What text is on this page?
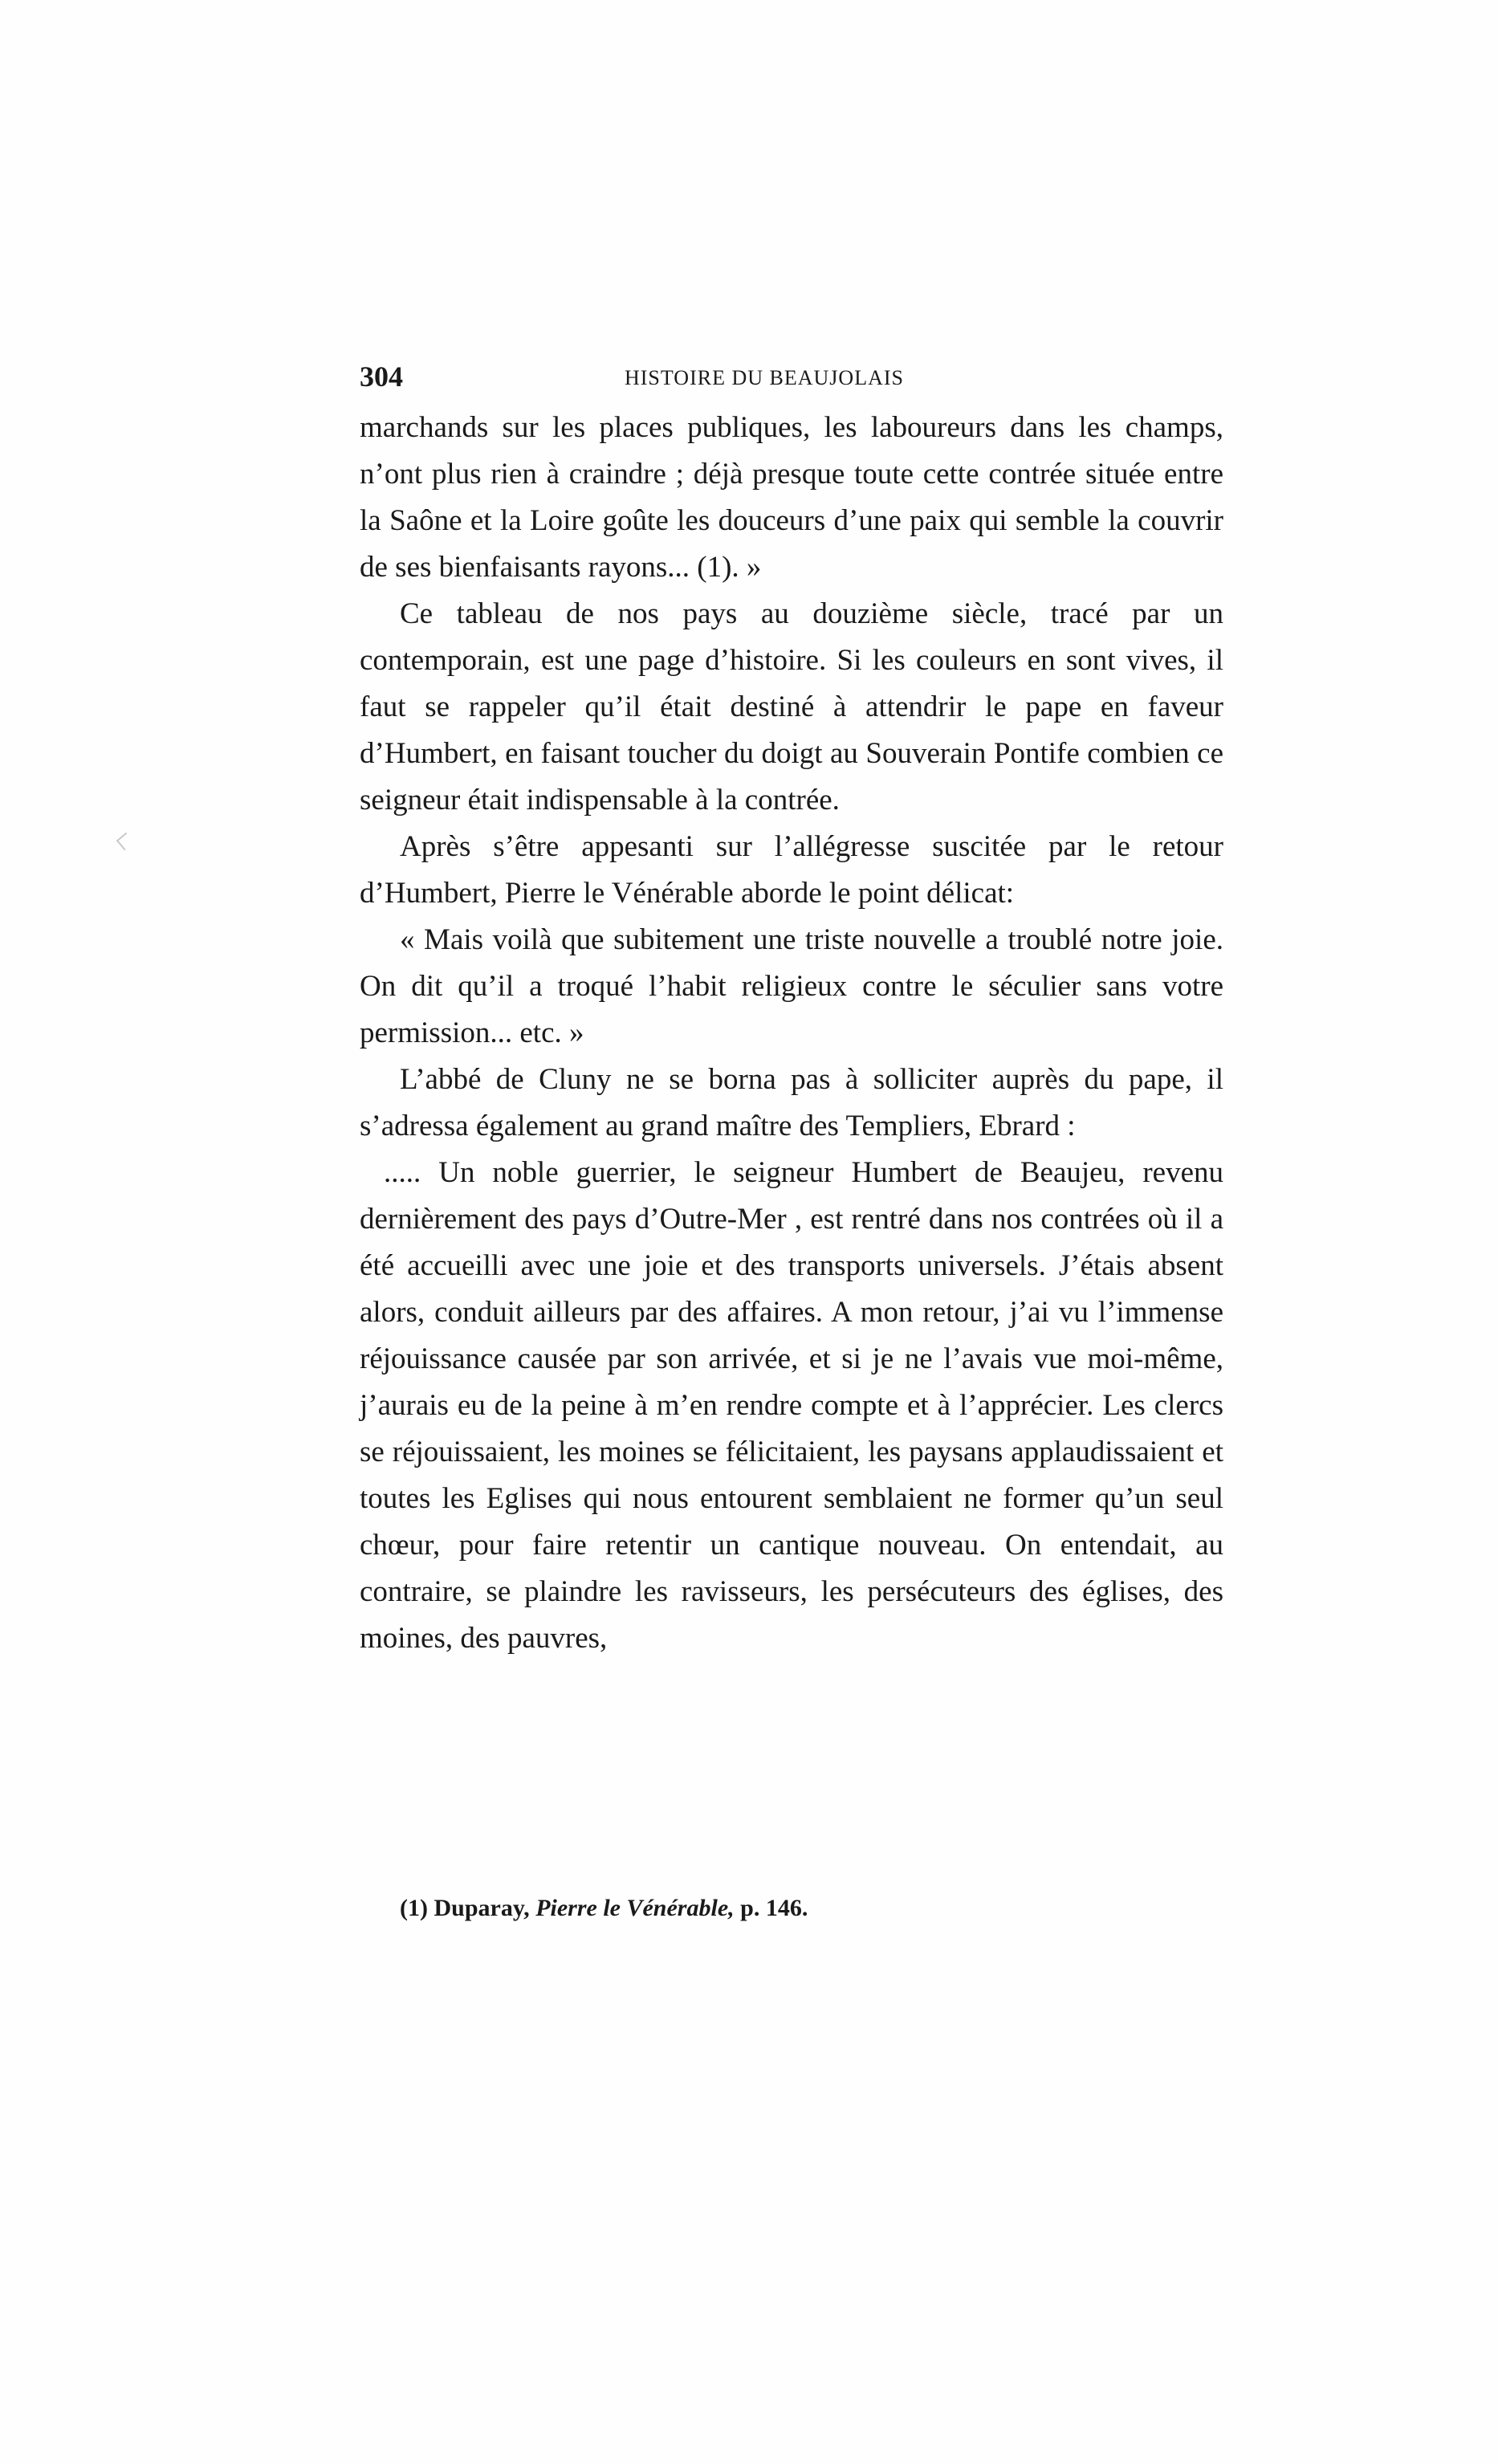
304	HISTOIRE DU BEAUJOLAIS

marchands sur les places publiques, les laboureurs dans les champs, n’ont plus rien à craindre ; déjà presque toute cette contrée située entre la Saône et la Loire goûte les douceurs d’une paix qui semble la couvrir de ses bienfaisants rayons... (1). »

Ce tableau de nos pays au douzième siècle, tracé par un contemporain, est une page d’histoire. Si les couleurs en sont vives, il faut se rappeler qu’il était destiné à attendrir le pape en faveur d’Humbert, en faisant toucher du doigt au Souverain Pontife combien ce seigneur était indispensable à la contrée.

Après s’être appesanti sur l’allégresse suscitée par le retour d’Humbert, Pierre le Vénérable aborde le point délicat:

« Mais voilà que subitement une triste nouvelle a troublé notre joie. On dit qu’il a troqué l’habit religieux contre le séculier sans votre permission... etc. »

L’abbé de Cluny ne se borna pas à solliciter auprès du pape, il s’adressa également au grand maître des Templiers, Ebrard :

..... Un noble guerrier, le seigneur Humbert de Beaujeu, revenu dernièrement des pays d’Outre-Mer , est rentré dans nos contrées où il a été accueilli avec une joie et des transports universels. J’étais absent alors, conduit ailleurs par des affaires. A mon retour, j’ai vu l’immense réjouissance causée par son arrivée, et si je ne l’avais vue moi-même, j’aurais eu de la peine à m’en rendre compte et à l’apprécier. Les clercs se réjouissaient, les moines se félicitaient, les paysans applaudissaient et toutes les Eglises qui nous entourent semblaient ne former qu’un seul chœur, pour faire retentir un cantique nouveau. On entendait, au contraire, se plaindre les ravisseurs, les persécuteurs des églises, des moines, des pauvres,

(1) Duparay, Pierre le Vénérable, p. 146.
